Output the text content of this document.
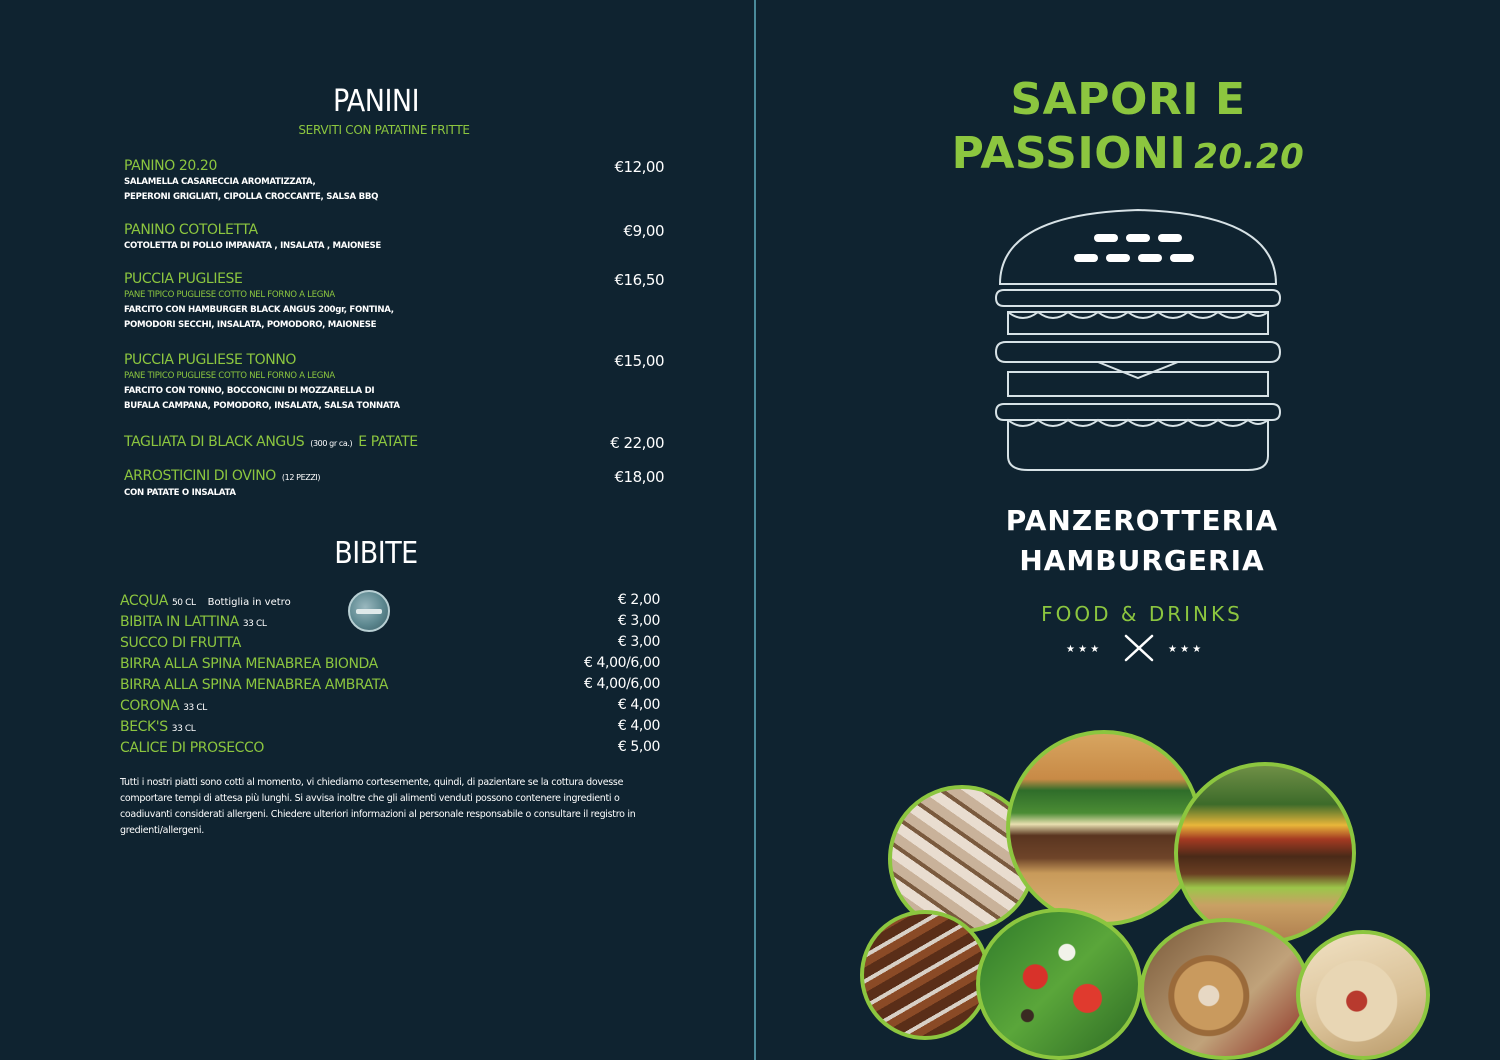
PANINI
SERVITI CON PATATINE FRITTE
PANINO 20.20	€12,00
SALAMELLA CASARECCIA AROMATIZZATA,
PEPERONI GRIGLIATI, CIPOLLA CROCCANTE, SALSA BBQ
PANINO COTOLETTA	€9,00
COTOLETTA DI POLLO IMPANATA , INSALATA , MAIONESE
PUCCIA PUGLIESE	€16,50
PANE TIPICO PUGLIESE COTTO NEL FORNO A LEGNA
FARCITO CON HAMBURGER BLACK ANGUS 200gr, FONTINA,
POMODORI SECCHI, INSALATA, POMODORO, MAIONESE
PUCCIA PUGLIESE TONNO	€15,00
PANE TIPICO PUGLIESE COTTO NEL FORNO A LEGNA
FARCITO CON TONNO, BOCCONCINI DI MOZZARELLA DI
BUFALA CAMPANA, POMODORO, INSALATA, SALSA TONNATA
TAGLIATA DI BLACK ANGUS (300 gr ca.) E PATATE	€ 22,00
ARROSTICINI DI OVINO (12 PEZZI)	€18,00
CON PATATE O INSALATA
BIBITE
ACQUA 50 CL Bottiglia in vetro	€ 2,00
BIBITA IN LATTINA 33 CL	€ 3,00
SUCCO DI FRUTTA	€ 3,00
BIRRA ALLA SPINA MENABREA BIONDA	€ 4,00/6,00
BIRRA ALLA SPINA MENABREA AMBRATA	€ 4,00/6,00
CORONA 33 CL	€ 4,00
BECK'S 33 CL	€ 4,00
CALICE DI PROSECCO	€ 5,00
Tutti i nostri piatti sono cotti al momento, vi chiediamo cortesemente, quindi, di pazientare se la cottura dovesse comportare tempi di attesa più lunghi. Si avvisa inoltre che gli alimenti venduti possono contenere ingredienti o coadiuvanti considerati allergeni. Chiedere ulteriori informazioni al personale responsabile o consultare il registro in gredienti/allergeni.
SAPORI E
PASSIONI 20.20
PANZEROTTERIA
HAMBURGERIA
FOOD & DRINKS
★ ★ ★	★ ★ ★
